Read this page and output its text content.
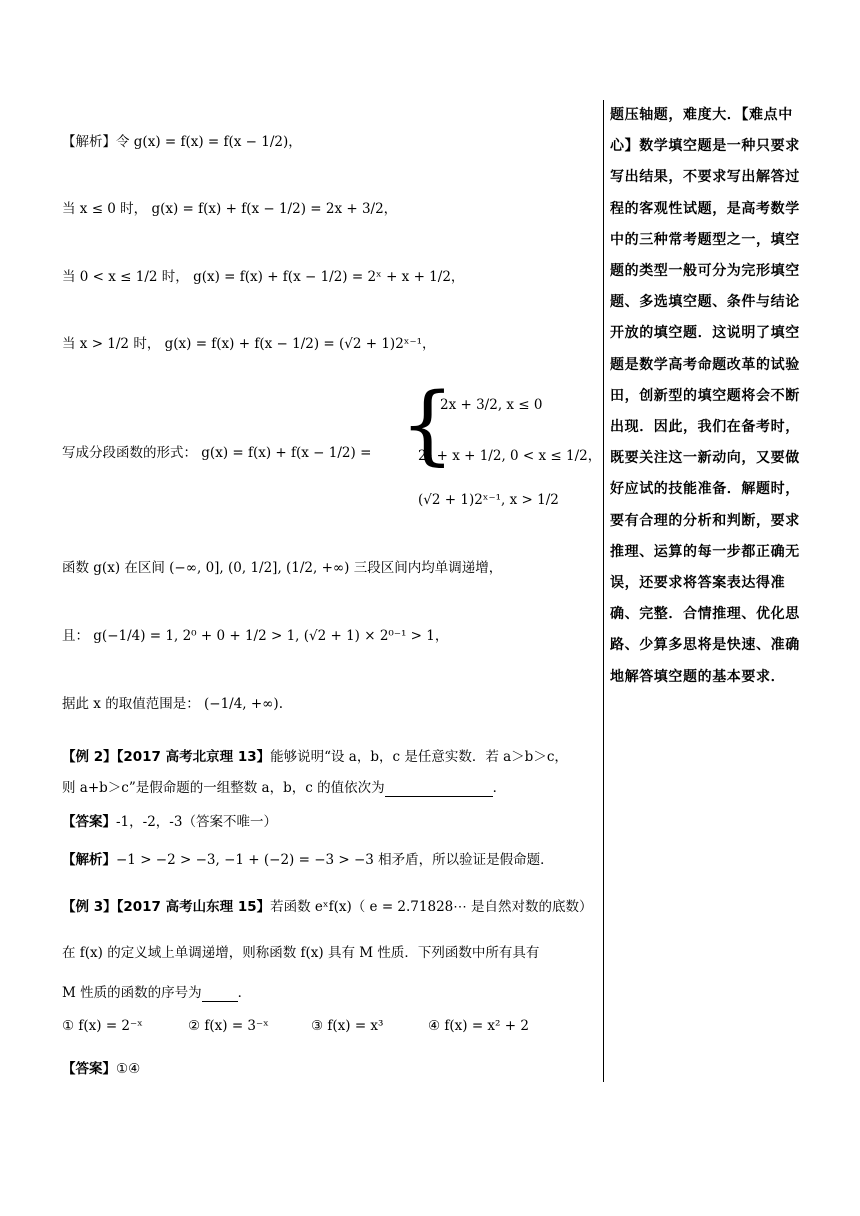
【解析】令 g(x) = f(x) = f(x − 1/2)，
当 x ≤ 0 时， g(x) = f(x) + f(x − 1/2) = 2x + 3/2，
当 0 < x ≤ 1/2 时， g(x) = f(x) + f(x − 1/2) = 2ˣ + x + 1/2，
当 x > 1/2 时， g(x) = f(x) + f(x − 1/2) = (√2 + 1)2ˣ⁻¹，
写成分段函数的形式： g(x) = f(x) + f(x − 1/2) = {
2x + 3/2, x ≤ 0
2ˣ + x + 1/2, 0 < x ≤ 1/2，
(√2 + 1)2ˣ⁻¹, x > 1/2
函数 g(x) 在区间 (−∞, 0], (0, 1/2], (1/2, +∞) 三段区间内均单调递增，
且： g(−1/4) = 1, 2⁰ + 0 + 1/2 > 1, (√2 + 1) × 2⁰⁻¹ > 1，
据此 x 的取值范围是： (−1/4, +∞).
【例 2】【2017 高考北京理 13】能够说明“设 a，b，c 是任意实数．若 a＞b＞c，
则 a+b＞c”是假命题的一组整数 a，b，c 的值依次为	．
【答案】-1，-2，-3（答案不唯一）
【解析】−1 > −2 > −3, −1 + (−2) = −3 > −3 相矛盾，所以验证是假命题．
【例 3】【2017 高考山东理 15】若函数 eˣf(x)（ e = 2.71828⋯ 是自然对数的底数）
在 f(x) 的定义域上单调递增，则称函数 f(x) 具有 M 性质．下列函数中所有具有
M 性质的函数的序号为	．
① f(x) = 2⁻ˣ	② f(x) = 3⁻ˣ	③ f(x) = x³	④ f(x) = x² + 2
【答案】①④
题压轴题，难度大．【难点中心】数学填空题是一种只要求写出结果，不要求写出解答过程的客观性试题，是高考数学中的三种常考题型之一，填空题的类型一般可分为完形填空题、多选填空题、条件与结论开放的填空题．这说明了填空题是数学高考命题改革的试验田，创新型的填空题将会不断出现．因此，我们在备考时，既要关注这一新动向，又要做好应试的技能准备．解题时，要有合理的分析和判断，要求推理、运算的每一步都正确无误，还要求将答案表达得准确、完整．合情推理、优化思路、少算多思将是快速、准确地解答填空题的基本要求．
